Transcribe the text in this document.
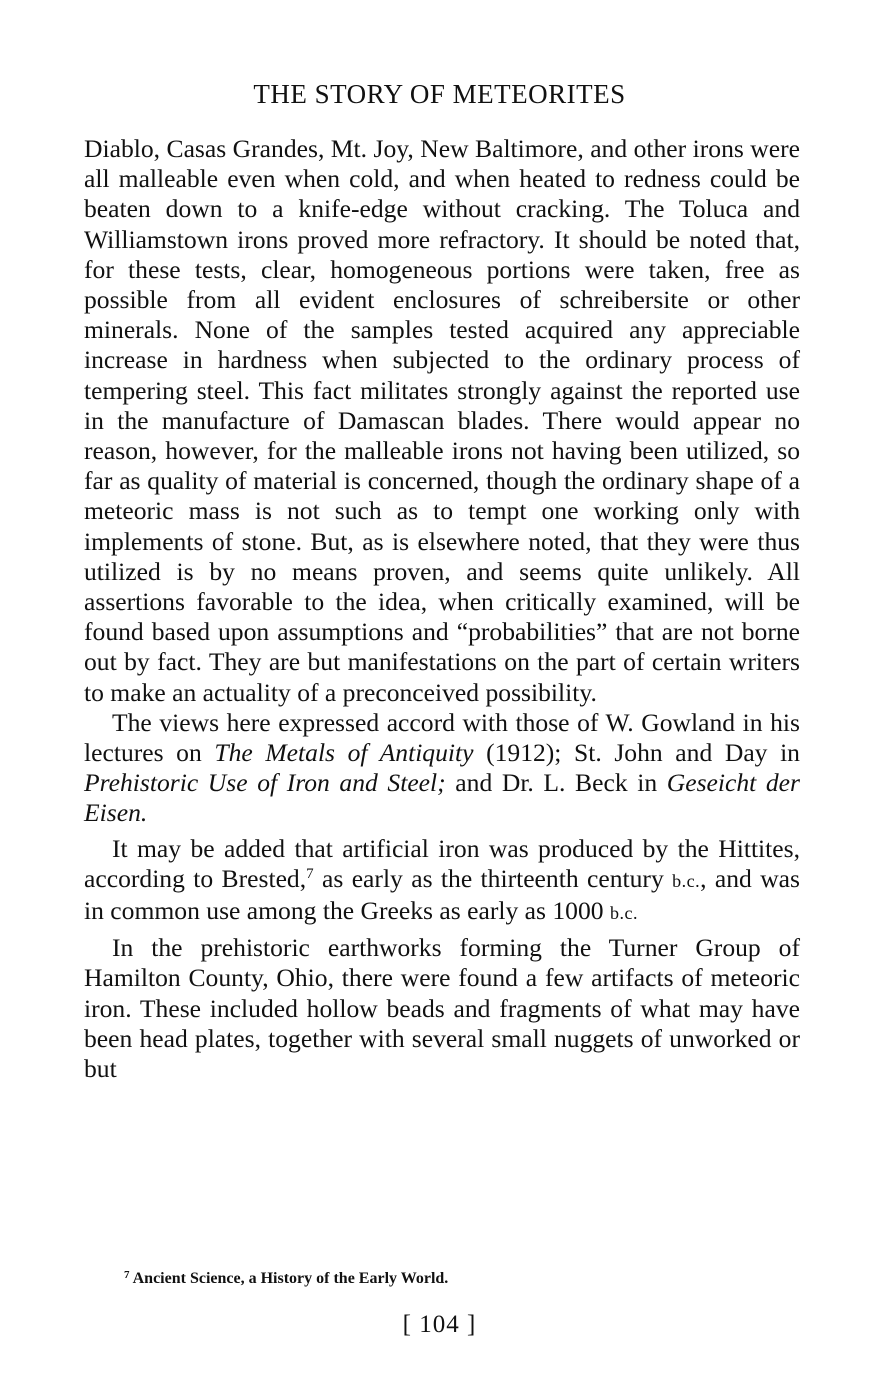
THE STORY OF METEORITES

Diablo, Casas Grandes, Mt. Joy, New Baltimore, and other irons were all malleable even when cold, and when heated to redness could be beaten down to a knife-edge without cracking. The Toluca and Williamstown irons proved more refractory. It should be noted that, for these tests, clear, homogeneous portions were taken, free as possible from all evident enclosures of schreibersite or other minerals. None of the samples tested acquired any appreciable increase in hardness when subjected to the ordinary process of tempering steel. This fact militates strongly against the reported use in the manufacture of Damascan blades. There would appear no reason, however, for the malleable irons not having been utilized, so far as quality of material is concerned, though the ordinary shape of a meteoric mass is not such as to tempt one working only with implements of stone. But, as is elsewhere noted, that they were thus utilized is by no means proven, and seems quite unlikely. All assertions favorable to the idea, when critically examined, will be found based upon assumptions and “probabilities” that are not borne out by fact. They are but manifestations on the part of certain writers to make an actuality of a preconceived possibility.

The views here expressed accord with those of W. Gowland in his lectures on The Metals of Antiquity (1912); St. John and Day in Prehistoric Use of Iron and Steel; and Dr. L. Beck in Geseicht der Eisen.

It may be added that artificial iron was produced by the Hittites, according to Brested,$^7$ as early as the thirteenth century b.c., and was in common use among the Greeks as early as 1000 b.c.

In the prehistoric earthworks forming the Turner Group of Hamilton County, Ohio, there were found a few artifacts of meteoric iron. These included hollow beads and fragments of what may have been head plates, together with several small nuggets of unworked or but

$^7$ Ancient Science, a History of the Early World.
[ 104 ]
